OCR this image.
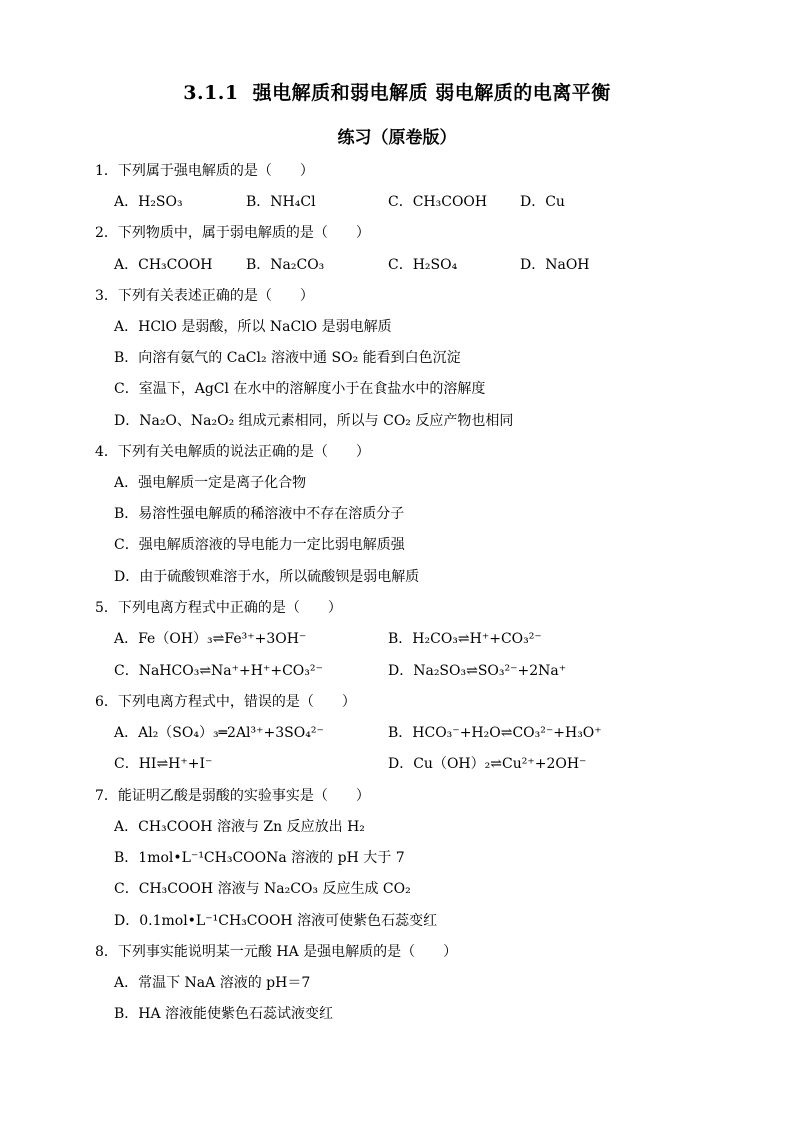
3.1.1 强电解质和弱电解质 弱电解质的电离平衡
练习（原卷版）
1．下列属于强电解质的是（　　）
A．H₂SO₃	B．NH₄Cl	C．CH₃COOH D．Cu
2．下列物质中，属于弱电解质的是（　　）
A．CH₃COOH B．Na₂CO₃	C．H₂SO₄	D．NaOH
3．下列有关表述正确的是（　　）
A．HClO 是弱酸，所以 NaClO 是弱电解质
B．向溶有氨气的 CaCl₂ 溶液中通 SO₂ 能看到白色沉淀
C．室温下，AgCl 在水中的溶解度小于在食盐水中的溶解度
D．Na₂O、Na₂O₂ 组成元素相同，所以与 CO₂ 反应产物也相同
4．下列有关电解质的说法正确的是（　　）
A．强电解质一定是离子化合物
B．易溶性强电解质的稀溶液中不存在溶质分子
C．强电解质溶液的导电能力一定比弱电解质强
D．由于硫酸钡难溶于水，所以硫酸钡是弱电解质
5．下列电离方程式中正确的是（　　）
A．Fe（OH）₃⇌Fe³⁺+3OH⁻	B．H₂CO₃⇌H⁺+CO₃²⁻
C．NaHCO₃⇌Na⁺+H⁺+CO₃²⁻	D．Na₂SO₃⇌SO₃²⁻+2Na⁺
6．下列电离方程式中，错误的是（　　）
A．Al₂（SO₄）₃═2Al³⁺+3SO₄²⁻	B．HCO₃⁻+H₂O⇌CO₃²⁻+H₃O⁺
C．HI⇌H⁺+I⁻	D．Cu（OH）₂⇌Cu²⁺+2OH⁻
7．能证明乙酸是弱酸的实验事实是（　　）
A．CH₃COOH 溶液与 Zn 反应放出 H₂
B．1mol•L⁻¹CH₃COONa 溶液的 pH 大于 7
C．CH₃COOH 溶液与 Na₂CO₃ 反应生成 CO₂
D．0.1mol•L⁻¹CH₃COOH 溶液可使紫色石蕊变红
8．下列事实能说明某一元酸 HA 是强电解质的是（　　）
A．常温下 NaA 溶液的 pH＝7
B．HA 溶液能使紫色石蕊试液变红
